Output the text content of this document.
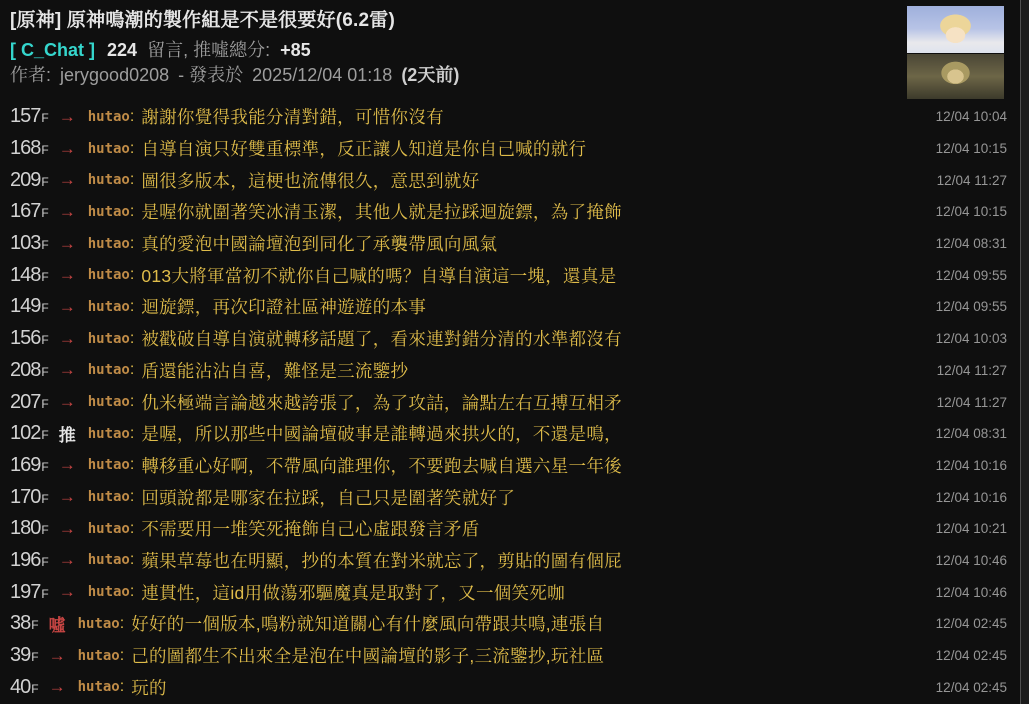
[原神] 原神鳴潮的製作組是不是很要好(6.2雷)
[ C_Chat ] 224 留言, 推噓總分: +85
作者: jerygood0208 - 發表於 2025/12/04 01:18 (2天前)
157F → hutao : 謝謝你覺得我能分清對錯，可惜你沒有	12/04 10:04
168F → hutao : 自導自演只好雙重標準，反正讓人知道是你自己喊的就行	12/04 10:15
209F → hutao : 圖很多版本，這梗也流傳很久，意思到就好	12/04 11:27
167F → hutao : 是喔你就圍著笑冰清玉潔，其他人就是拉踩迴旋鏢，為了掩飾	12/04 10:15
103F → hutao : 真的愛泡中國論壇泡到同化了承襲帶風向風氣	12/04 08:31
148F → hutao : 013大將軍當初不就你自己喊的嗎？自導自演這一塊，還真是	12/04 09:55
149F → hutao : 迴旋鏢，再次印證社區神遊遊的本事	12/04 09:55
156F → hutao : 被戳破自導自演就轉移話題了，看來連對錯分清的水準都沒有	12/04 10:03
208F → hutao : 盾還能沾沾自喜，難怪是三流鑒抄	12/04 11:27
207F → hutao : 仇米極端言論越來越誇張了，為了攻詰，論點左右互搏互相矛	12/04 11:27
102F 推 hutao : 是喔，所以那些中國論壇破事是誰轉過來拱火的，不還是鳴，	12/04 08:31
169F → hutao : 轉移重心好啊，不帶風向誰理你，不要跑去喊自選六星一年後	12/04 10:16
170F → hutao : 回頭說都是哪家在拉踩，自己只是圍著笑就好了	12/04 10:16
180F → hutao : 不需要用一堆笑死掩飾自己心虛跟發言矛盾	12/04 10:21
196F → hutao : 蘋果草莓也在明顯，抄的本質在對米就忘了，剪貼的圖有個屁	12/04 10:46
197F → hutao : 連貫性，這id用做蕩邪驅魔真是取對了，又一個笑死咖	12/04 10:46
38F 噓 hutao : 好好的一個版本,鳴粉就知道關心有什麼風向帶跟共鳴,連張自	12/04 02:45
39F → hutao : 己的圖都生不出來全是泡在中國論壇的影子,三流鑒抄,玩社區	12/04 02:45
40F → hutao : 玩的	12/04 02:45
